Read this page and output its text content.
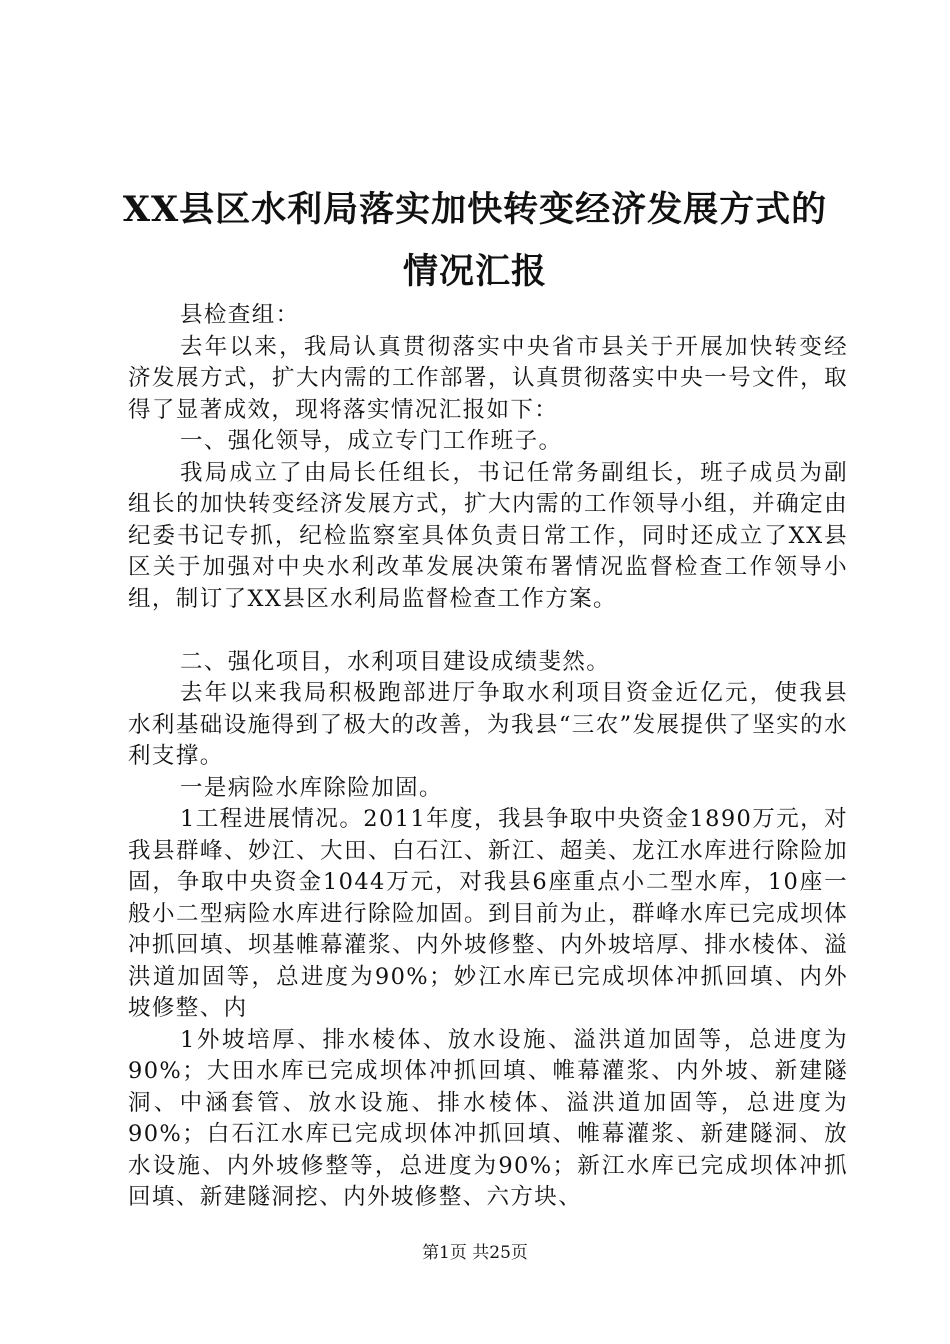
XX县区水利局落实加快转变经济发展方式的
情况汇报

县检查组：

去年以来，我局认真贯彻落实中央省市县关于开展加快转变经济发展方式，扩大内需的工作部署，认真贯彻落实中央一号文件，取得了显著成效，现将落实情况汇报如下：

一、强化领导，成立专门工作班子。

我局成立了由局长任组长，书记任常务副组长，班子成员为副组长的加快转变经济发展方式，扩大内需的工作领导小组，并确定由纪委书记专抓，纪检监察室具体负责日常工作，同时还成立了XX县区关于加强对中央水利改革发展决策布署情况监督检查工作领导小组，制订了XX县区水利局监督检查工作方案。

二、强化项目，水利项目建设成绩斐然。

去年以来我局积极跑部进厅争取水利项目资金近亿元，使我县水利基础设施得到了极大的改善，为我县“三农”发展提供了坚实的水利支撑。

一是病险水库除险加固。

1工程进展情况。2011年度，我县争取中央资金1890万元，对我县群峰、妙江、大田、白石江、新江、超美、龙江水库进行除险加固，争取中央资金1044万元，对我县6座重点小二型水库，10座一般小二型病险水库进行除险加固。到目前为止，群峰水库已完成坝体冲抓回填、坝基帷幕灌浆、内外坡修整、内外坡培厚、排水棱体、溢洪道加固等，总进度为90%；妙江水库已完成坝体冲抓回填、内外坡修整、内

1外坡培厚、排水棱体、放水设施、溢洪道加固等，总进度为90%；大田水库已完成坝体冲抓回填、帷幕灌浆、内外坡、新建隧洞、中涵套管、放水设施、排水棱体、溢洪道加固等，总进度为90%；白石江水库已完成坝体冲抓回填、帷幕灌浆、新建隧洞、放水设施、内外坡修整等，总进度为90%；新江水库已完成坝体冲抓回填、新建隧洞挖、内外坡修整、六方块、

第1页 共25页
